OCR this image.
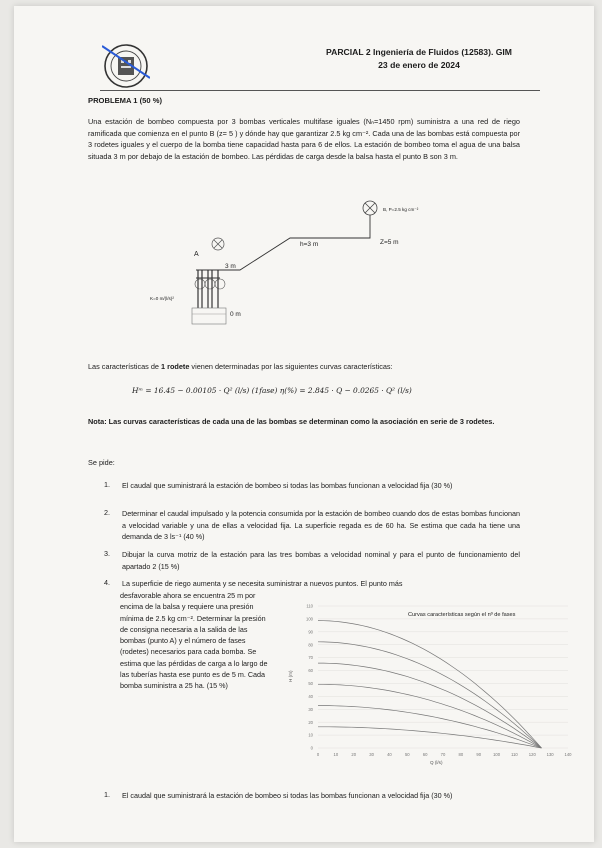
PARCIAL 2 Ingeniería de Fluidos (12583). GIM
23 de enero de 2024
PROBLEMA 1 (50 %)
Una estación de bombeo compuesta por 3 bombas verticales multifase iguales (Nₙ=1450 rpm) suministra a una red de riego ramificada que comienza en el punto B (z= 5 ) y dónde hay que garantizar 2.5 kg cm⁻². Cada una de las bombas está compuesta por 3 rodetes iguales y el cuerpo de la bomba tiene capacidad hasta para 6 de ellos. La estación de bombeo toma el agua de una balsa situada 3 m por debajo de la estación de bombeo. Las pérdidas de carga desde la balsa hasta el punto B son 3 m.
B, P=2.5 kg cm⁻²
h=3 m	Z=5 m
A
3 m
K=0 m/(l/s)²
0 m
Las características de 1 rodete vienen determinadas por las siguientes curvas características:
Hᵐ = 16.45 − 0.00105 · Q² (l/s) (1fase) η(%) = 2.845 · Q − 0.0265 · Q² (l/s)
Nota: Las curvas características de cada una de las bombas se determinan como la asociación en serie de 3 rodetes.
Se pide:
1. El caudal que suministrará la estación de bombeo si todas las bombas funcionan a velocidad fija (30 %)
2. Determinar el caudal impulsado y la potencia consumida por la estación de bombeo cuando dos de estas bombas funcionan a velocidad variable y una de ellas a velocidad fija. La superficie regada es de 60 ha. Se estima que cada ha tiene una demanda de 3 ls⁻¹ (40 %)
3. Dibujar la curva motriz de la estación para las tres bombas a velocidad nominal y para el punto de funcionamiento del apartado 2 (15 %)
4. La superficie de riego aumenta y se necesita suministrar a nuevos puntos. El punto más
desfavorable ahora se encuentra 25 m por encima de la balsa y requiere una presión mínima de 2.5 kg cm⁻². Determinar la presión de consigna necesaria a la salida de las bombas (punto A) y el número de fases (rodetes) necesarios para cada bomba. Se estima que las pérdidas de carga a lo largo de las tuberías hasta ese punto es de 5 m. Cada bomba suministra a 25 ha. (15 %)
0
10
20
30
40
50
60
70
80
90
100
110
0	10	20	30	40	50	60	70	80	90	100	110	120	130	140
Curvas características según el nº de fases
Q (l/s)
H (m)
1. El caudal que suministrará la estación de bombeo si todas las bombas funcionan a velocidad fija (30 %)
